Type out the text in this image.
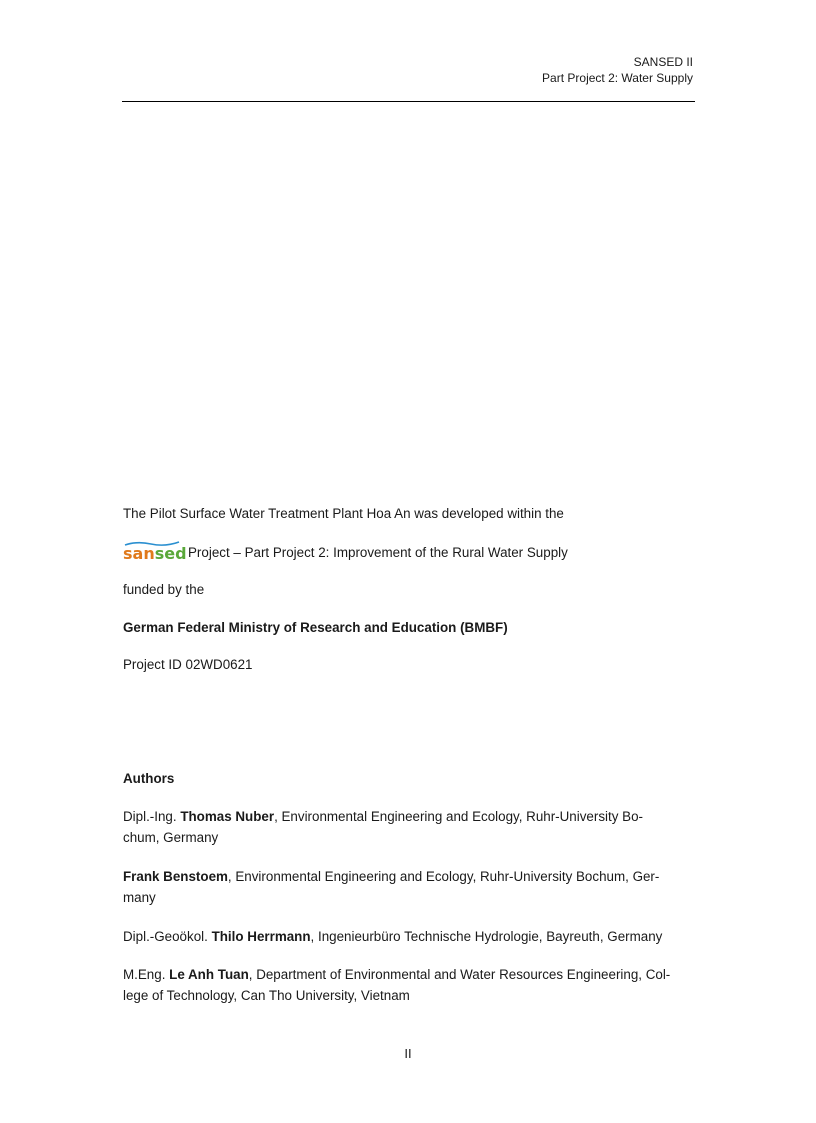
SANSED II
Part Project 2: Water Supply
The Pilot Surface Water Treatment Plant Hoa An was developed within the
sansed Project – Part Project 2: Improvement of the Rural Water Supply
funded by the
German Federal Ministry of Research and Education (BMBF)
Project ID 02WD0621
Authors
Dipl.-Ing. Thomas Nuber, Environmental Engineering and Ecology, Ruhr-University Bo-
chum, Germany
Frank Benstoem, Environmental Engineering and Ecology, Ruhr-University Bochum, Ger-
many
Dipl.-Geoökol. Thilo Herrmann, Ingenieurbüro Technische Hydrologie, Bayreuth, Germany
M.Eng. Le Anh Tuan, Department of Environmental and Water Resources Engineering, Col-
lege of Technology, Can Tho University, Vietnam
II
